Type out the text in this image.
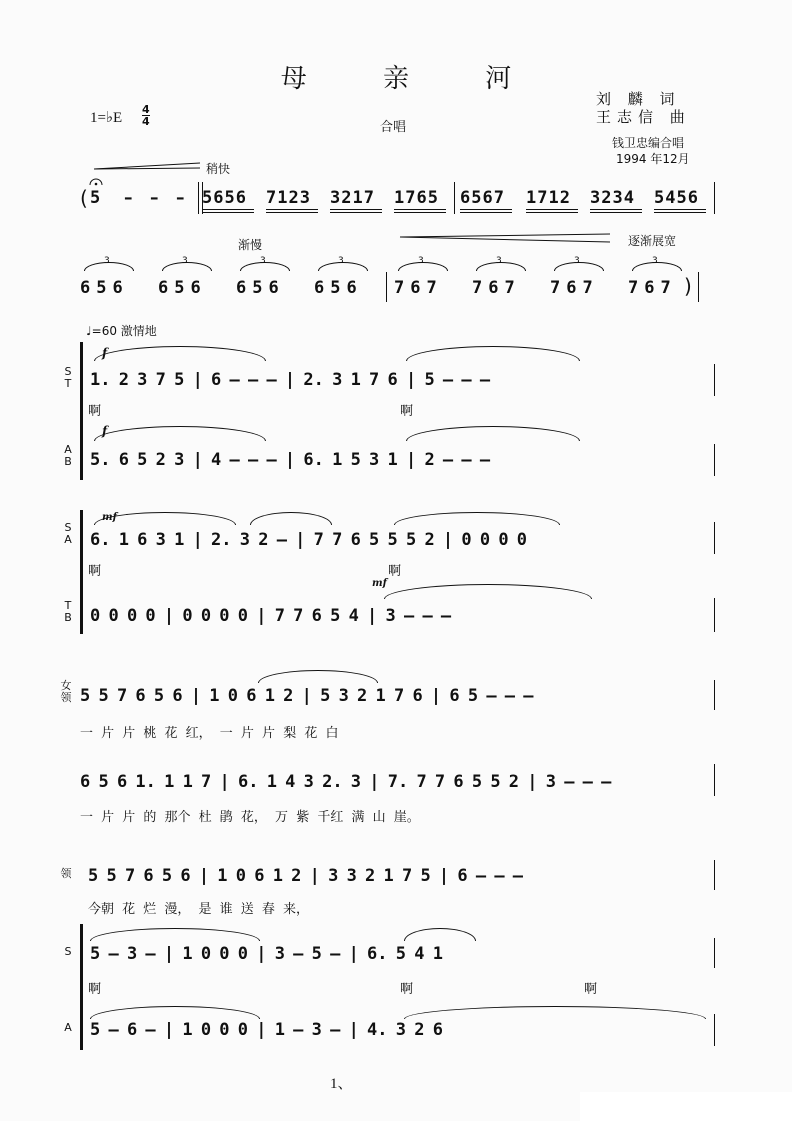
母 亲 河
1=♭E
4
4	合唱
刘 麟 词
王志信 曲
钱卫忠编合唱
1994 年12月
稍快
( 5 – – – 5656 7123 3217 1765 6567 1712 3234 5456
渐慢	逐渐展宽
656 656 656 656 767 767 767 767 )
3	3	3	3	3	3	3	3
♩=60 激情地
S T
A B
f
f
1. 2 3 7 5 | 6 – – – | 2. 3 1 7 6 | 5 – – –
啊	啊
5. 6 5 2 3 | 4 – – – | 6. 1 5 3 1 | 2 – – –
S A
T B
mf
mf
6. 1 6 3 1 | 2. 3 2 – | 7 7 6 5 5 5 2 | 0 0 0 0
啊	啊
0 0 0 0 | 0 0 0 0 | 7 7 6 5 4 | 3 – – –
女领 5 5 7 6 5 6 | 1 0 6 1 2 | 5 3 2 1 7 6 | 6 5 – – –
一 片 片 桃 花 红， 一 片 片 梨 花 白
6 5 6 1. 1 1 7 | 6. 1 4 3 2. 3 | 7. 7 7 6 5 5 2 | 3 – – –
一 片 片 的 那个 杜 鹃 花， 万 紫 千红 满 山 崖。
领 5 5 7 6 5 6 | 1 0 6 1 2 | 3 3 2 1 7 5 | 6 – – –
今朝 花 烂 漫， 是 谁 送 春 来，
S 5 – 3 – | 1 0 0 0 | 3 – 5 – | 6. 5 4 1
啊	啊	啊
A 5 – 6 – | 1 0 0 0 | 1 – 3 – | 4. 3 2 6
1、
